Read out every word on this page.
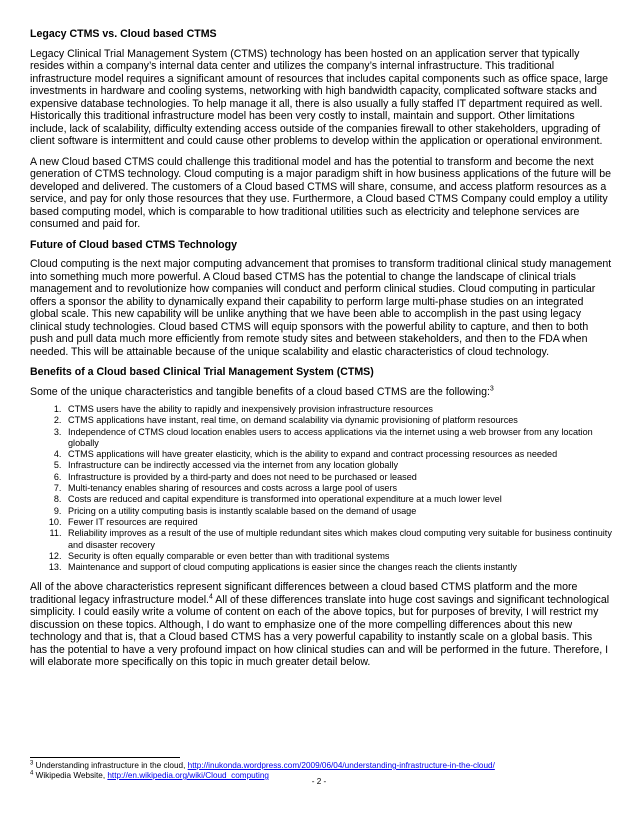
Legacy CTMS vs. Cloud based CTMS

Legacy Clinical Trial Management System (CTMS) technology has been hosted on an application server that typically resides within a company’s internal data center and utilizes the company’s internal infrastructure. This traditional infrastructure model requires a significant amount of resources that includes capital components such as office space, large investments in hardware and cooling systems, networking with high bandwidth capacity, complicated software stacks and expensive database technologies. To help manage it all, there is also usually a fully staffed IT department required as well. Historically this traditional infrastructure model has been very costly to install, maintain and support. Other limitations include, lack of scalability, difficulty extending access outside of the companies firewall to other stakeholders, upgrading of client software is intermittent and could cause other problems to develop within the application or operational environment.

A new Cloud based CTMS could challenge this traditional model and has the potential to transform and become the next generation of CTMS technology. Cloud computing is a major paradigm shift in how business applications of the future will be developed and delivered. The customers of a Cloud based CTMS will share, consume, and access platform resources as a service, and pay for only those resources that they use. Furthermore, a Cloud based CTMS Company could employ a utility based computing model, which is comparable to how traditional utilities such as electricity and telephone services are consumed and paid for.

Future of Cloud based CTMS Technology

Cloud computing is the next major computing advancement that promises to transform traditional clinical study management into something much more powerful. A Cloud based CTMS has the potential to change the landscape of clinical trials management and to revolutionize how companies will conduct and perform clinical studies. Cloud computing in particular offers a sponsor the ability to dynamically expand their capability to perform large multi-phase studies on an integrated global scale. This new capability will be unlike anything that we have been able to accomplish in the past using legacy clinical study technologies. Cloud based CTMS will equip sponsors with the powerful ability to capture, and then to both push and pull data much more efficiently from remote study sites and between stakeholders, and then to the FDA when needed. This will be attainable because of the unique scalability and elastic characteristics of cloud technology.

Benefits of a Cloud based Clinical Trial Management System (CTMS)

Some of the unique characteristics and tangible benefits of a cloud based CTMS are the following:$^3$

1. CTMS users have the ability to rapidly and inexpensively provision infrastructure resources
2. CTMS applications have instant, real time, on demand scalability via dynamic provisioning of platform resources
3. Independence of CTMS cloud location enables users to access applications via the internet using a web browser from any location globally
4. CTMS applications will have greater elasticity, which is the ability to expand and contract processing resources as needed
5. Infrastructure can be indirectly accessed via the internet from any location globally
6. Infrastructure is provided by a third-party and does not need to be purchased or leased
7. Multi-tenancy enables sharing of resources and costs across a large pool of users
8. Costs are reduced and capital expenditure is transformed into operational expenditure at a much lower level
9. Pricing on a utility computing basis is instantly scalable based on the demand of usage
10. Fewer IT resources are required
11. Reliability improves as a result of the use of multiple redundant sites which makes cloud computing very suitable for business continuity and disaster recovery
12. Security is often equally comparable or even better than with traditional systems
13. Maintenance and support of cloud computing applications is easier since the changes reach the clients instantly

All of the above characteristics represent significant differences between a cloud based CTMS platform and the more traditional legacy infrastructure model.$^4$ All of these differences translate into huge cost savings and significant technological simplicity. I could easily write a volume of content on each of the above topics, but for purposes of brevity, I will restrict my discussion on these topics. Although, I do want to emphasize one of the more compelling differences about this new technology and that is, that a Cloud based CTMS has a very powerful capability to instantly scale on a global basis. This has the potential to have a very profound impact on how clinical studies can and will be performed in the future. Therefore, I will elaborate more specifically on this topic in much greater detail below.

$^3$ Understanding infrastructure in the cloud, http://inukonda.wordpress.com/2009/06/04/understanding-infrastructure-in-the-cloud/
$^4$ Wikipedia Website, http://en.wikipedia.org/wiki/Cloud_computing
- 2 -
